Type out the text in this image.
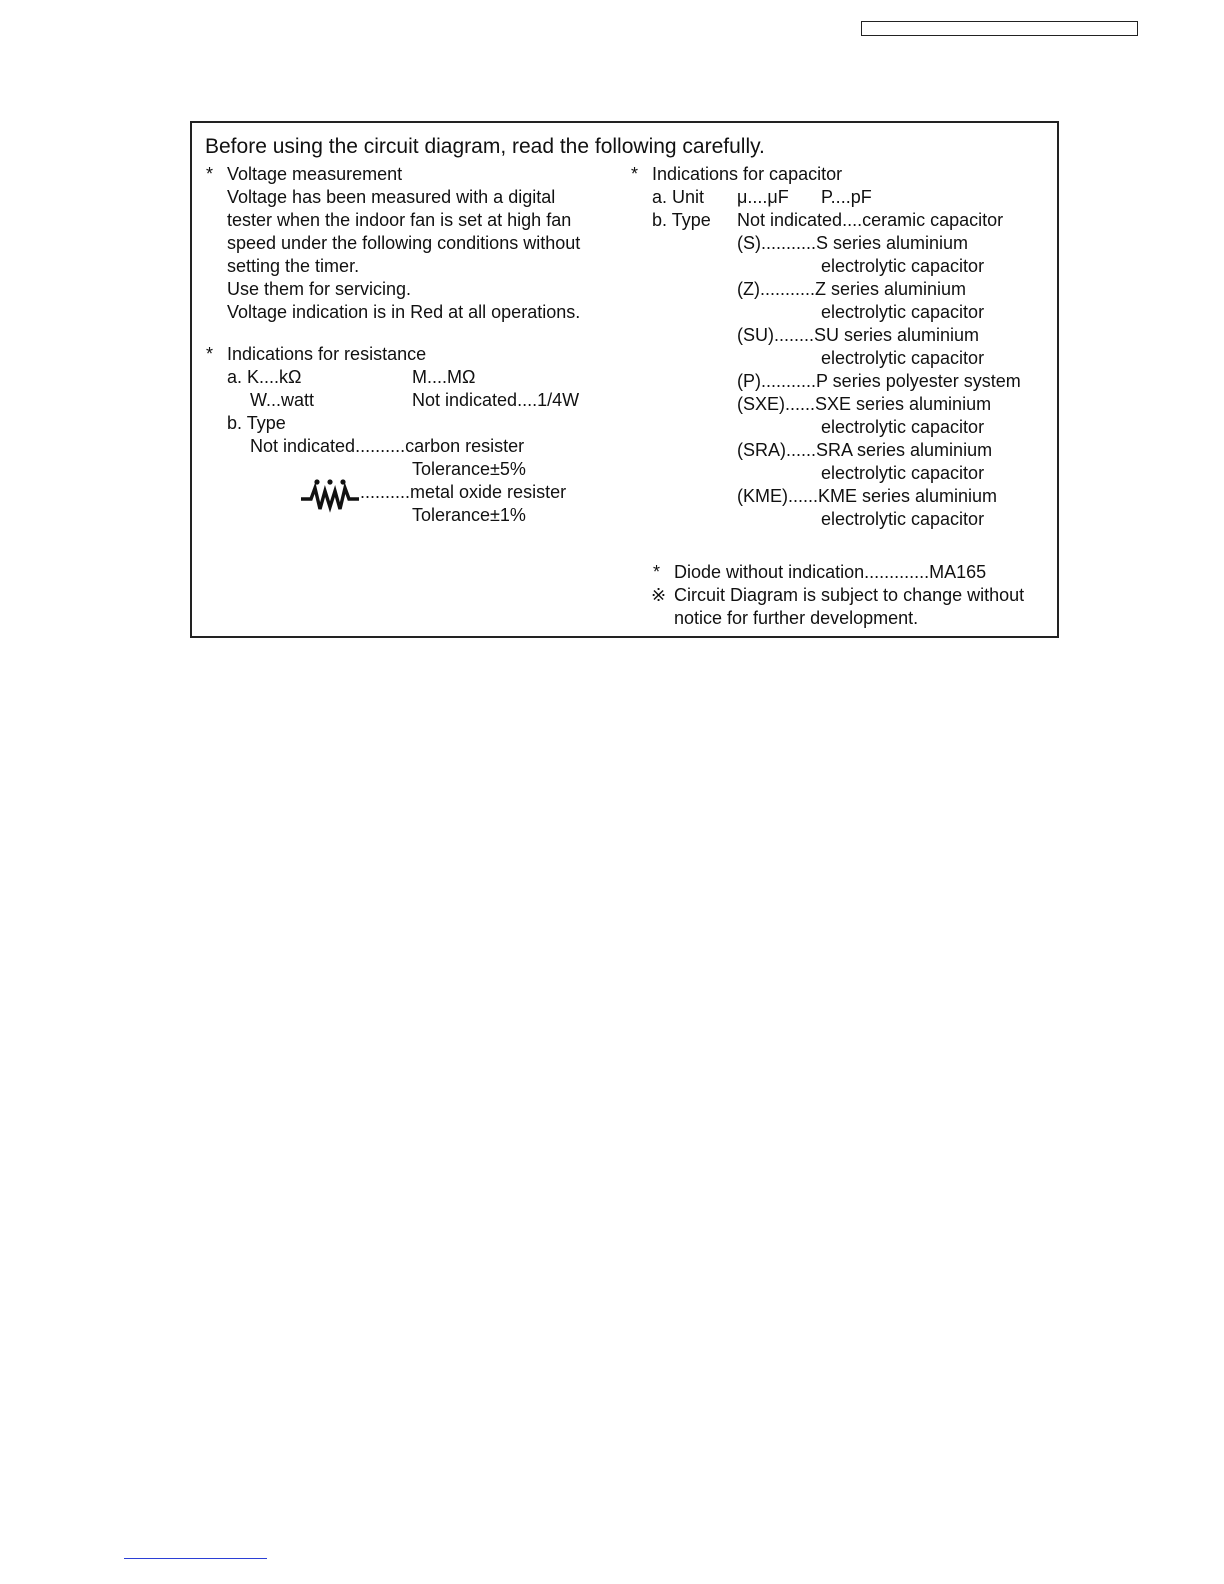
Before using the circuit diagram, read the following carefully.
* Voltage measurement
Voltage has been measured with a digital
tester when the indoor fan is set at high fan
speed under the following conditions without
setting the timer.
Use them for servicing.
Voltage indication is in Red at all operations.
* Indications for resistance
a. K....kΩ	M....MΩ
W...watt	Not indicated....1/4W
b. Type
Not indicated..........carbon resister
Tolerance±5%
..........metal oxide resister
Tolerance±1%
* Indications for capacitor
a. Unit μ....μF P....pF
b. Type Not indicated....ceramic capacitor
(S)...........S series aluminium
electrolytic capacitor
(Z)...........Z series aluminium
electrolytic capacitor
(SU)........SU series aluminium
electrolytic capacitor
(P)...........P series polyester system
(SXE)......SXE series aluminium
electrolytic capacitor
(SRA)......SRA series aluminium
electrolytic capacitor
(KME)......KME series aluminium
electrolytic capacitor
* Diode without indication.............MA165
※ Circuit Diagram is subject to change without
notice for further development.
